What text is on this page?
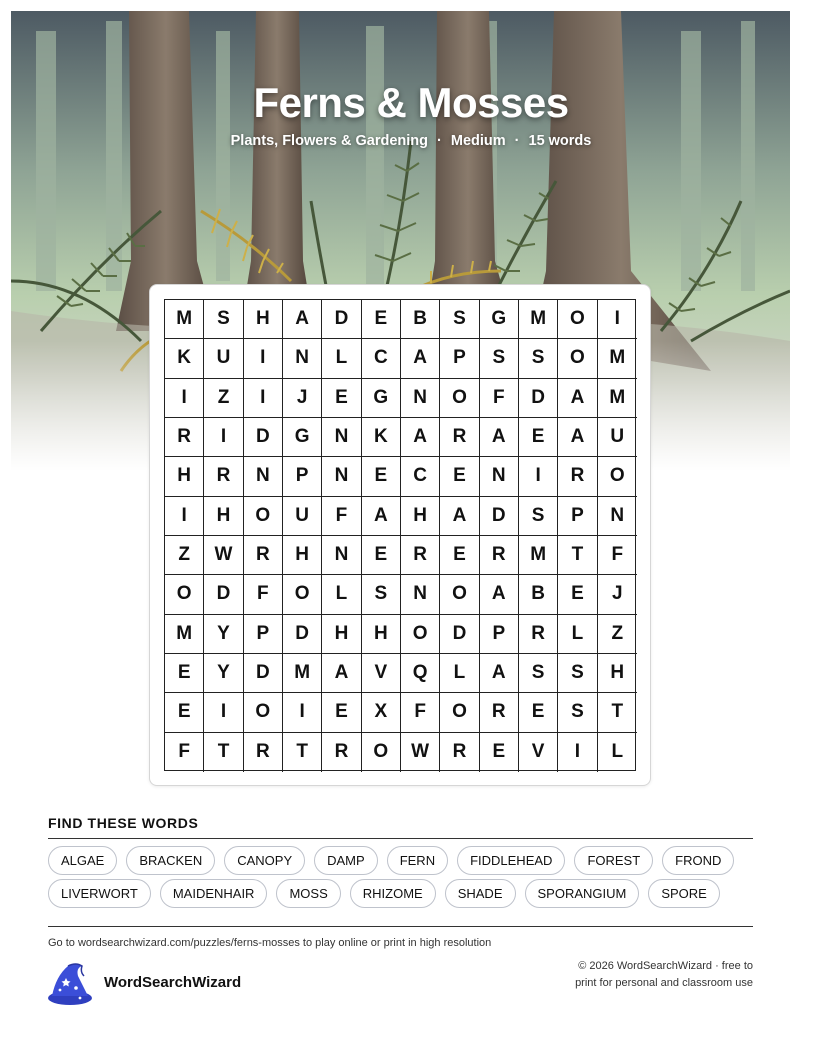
Ferns & Mosses
Plants, Flowers & Gardening · Medium · 15 words
M	S	H	A	D	E	B	S	G	M	O	I
K	U	I	N	L	C	A	P	S	S	O	M
I	Z	I	J	E	G	N	O	F	D	A	M
R	I	D	G	N	K	A	R	A	E	A	U
H	R	N	P	N	E	C	E	N	I	R	O
I	H	O	U	F	A	H	A	D	S	P	N
Z	W	R	H	N	E	R	E	R	M	T	F
O	D	F	O	L	S	N	O	A	B	E	J
M	Y	P	D	H	H	O	D	P	R	L	Z
E	Y	D	M	A	V	Q	L	A	S	S	H
E	I	O	I	E	X	F	O	R	E	S	T
F	T	R	T	R	O	W	R	E	V	I	L
FIND THESE WORDS
ALGAE	BRACKEN	CANOPY	DAMP	FERN	FIDDLEHEAD	FOREST	FRONDLIVERWORT	MAIDENHAIR	MOSS	RHIZOME	SHADE	SPORANGIUM	SPORE
Go to wordsearchwizard.com/puzzles/ferns-mosses to play online or print in high resolution
WordSearchWizard
© 2026 WordSearchWizard · free to print for personal and classroom use
